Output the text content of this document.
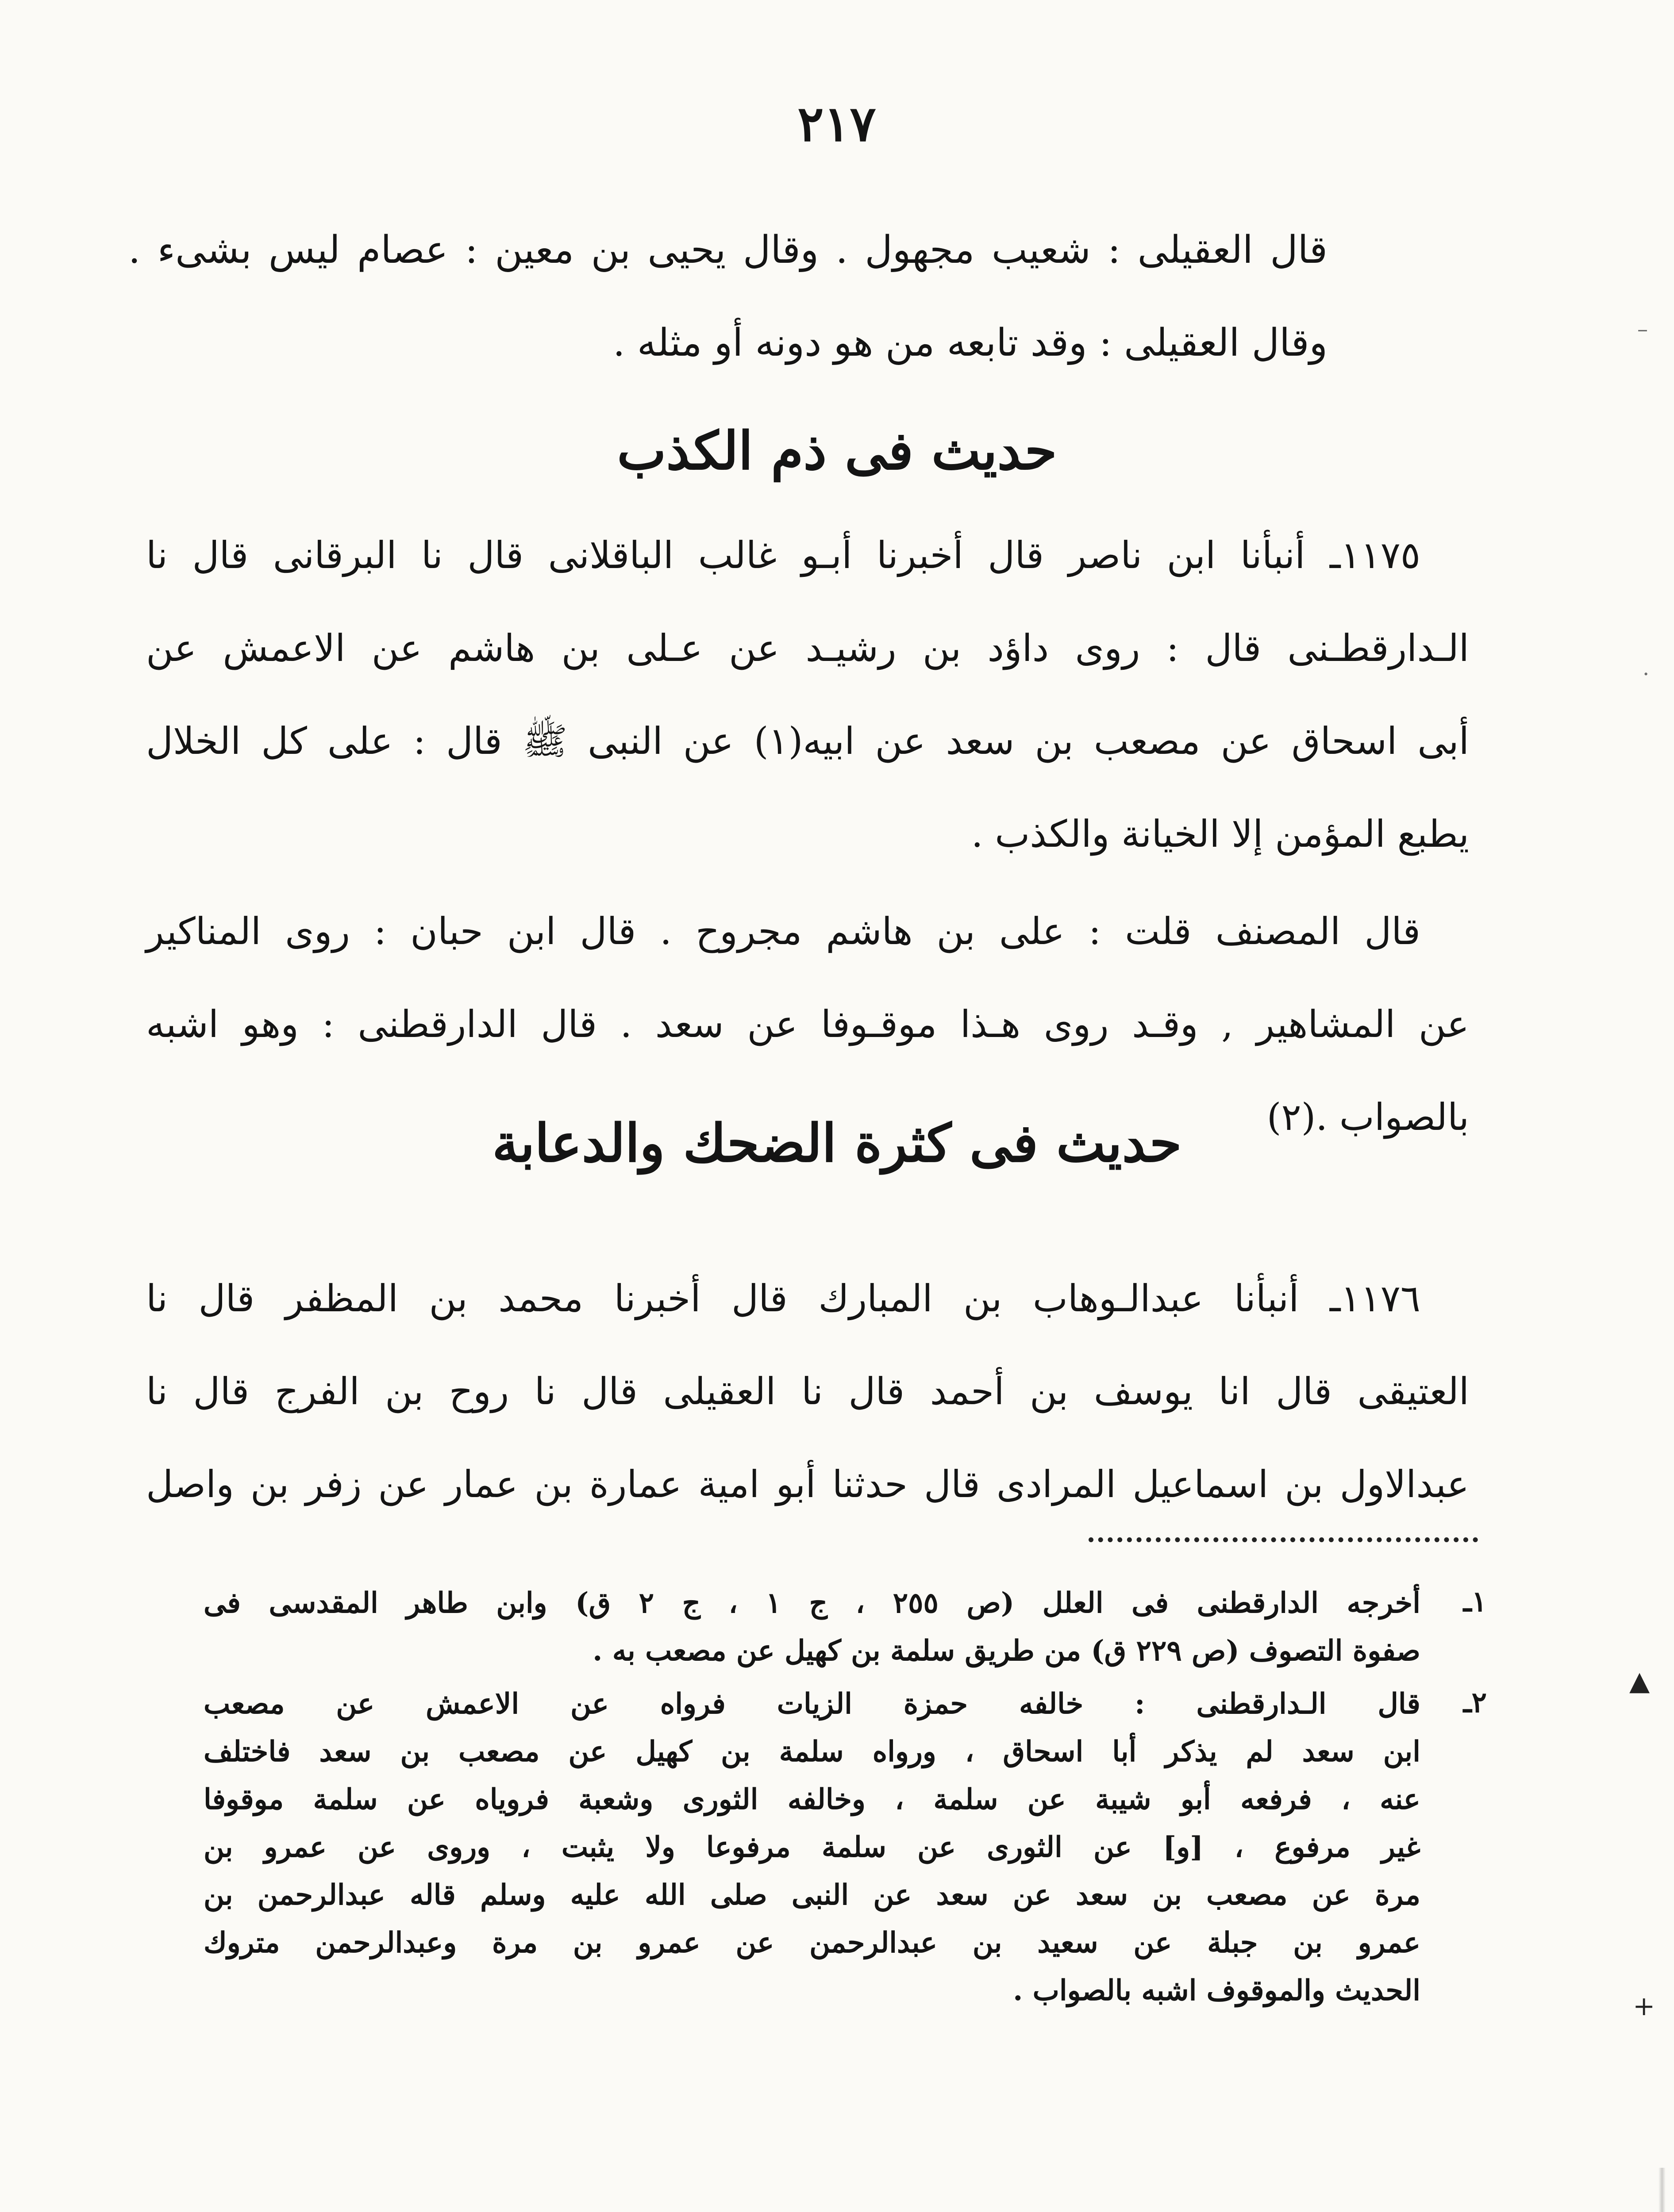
٢١٧
قال العقيلى : شعيب مجهول . وقال يحيى بن معين : عصام ليس بشىء .
وقال العقيلى : وقد تابعه من هو دونه أو مثله .
حديث فى ذم الكذب
١١٧٥ـ أنبأنا ابن ناصر قال أخبرنا أبـو غالب الباقلانى قال نا البرقانى قال نا
الـدارقطـنى قال : روى داؤد بن رشيـد عن عـلى بن هاشم عن الاعمش عن
أبى اسحاق عن مصعب بن سعد عن ابيه(١) عن النبى ﷺ قال : على كل الخلال
يطبع المؤمن إلا الخيانة والكذب .
قال المصنف قلت : على بن هاشم مجروح . قال ابن حبان : روى المناكير
عن المشاهير , وقـد روى هـذا موقـوفا عن سعد . قال الدارقطنى : وهو اشبه
بالصواب .(٢)
حديث فى كثرة الضحك والدعابة
١١٧٦ـ أنبأنا عبدالـوهاب بن المبارك قال أخبرنا محمد بن المظفر قال نا
العتيقى قال انا يوسف بن أحمد قال نا العقيلى قال نا روح بن الفرج قال نا
عبدالاول بن اسماعيل المرادى قال حدثنا أبو امية عمارة بن عمار عن زفر بن واصل
١ـ
أخرجه الدارقطنى فى العلل (ص ٢٥٥ ، ج ١ ، ج ٢ ق) وابن طاهر المقدسى فى
صفوة التصوف (ص ٢٢٩ ق) من طريق سلمة بن كهيل عن مصعب به .
٢ـ
قال الـدارقطنى : خالفه حمزة الزيات فرواه عن الاعمش عن مصعب
ابن سعد لم يذكر أبا اسحاق ، ورواه سلمة بن كهيل عن مصعب بن سعد فاختلف
عنه ، فرفعه أبو شيبة عن سلمة ، وخالفه الثورى وشعبة فروياه عن سلمة موقوفا
غير مرفوع ، [و] عن الثورى عن سلمة مرفوعا ولا يثبت ، وروى عن عمرو بن
مرة عن مصعب بن سعد عن سعد عن النبى صلى الله عليه وسلم قاله عبدالرحمن بن
عمرو بن جبلة عن سعيد بن عبدالرحمن عن عمرو بن مرة وعبدالرحمن متروك
الحديث والموقوف اشبه بالصواب .
–
·
▲
+
